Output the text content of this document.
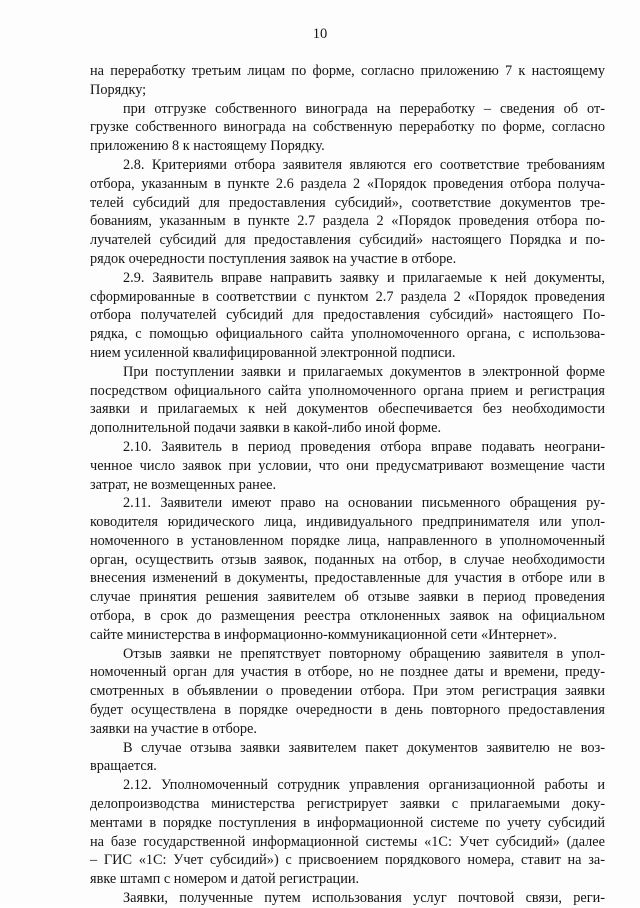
10
на переработку третьим лицам по форме, согласно приложению 7 к настоящему
Порядку;
при отгрузке собственного винограда на переработку – сведения об от-
грузке собственного винограда на собственную переработку по форме, согласно
приложению 8 к настоящему Порядку.
2.8. Критериями отбора заявителя являются его соответствие требованиям
отбора, указанным в пункте 2.6 раздела 2 «Порядок проведения отбора получа-
телей субсидий для предоставления субсидий», соответствие документов тре-
бованиям, указанным в пункте 2.7 раздела 2 «Порядок проведения отбора по-
лучателей субсидий для предоставления субсидий» настоящего Порядка и по-
рядок очередности поступления заявок на участие в отборе.
2.9. Заявитель вправе направить заявку и прилагаемые к ней документы,
сформированные в соответствии с пунктом 2.7 раздела 2 «Порядок проведения
отбора получателей субсидий для предоставления субсидий» настоящего По-
рядка, с помощью официального сайта уполномоченного органа, с использова-
нием усиленной квалифицированной электронной подписи.
При поступлении заявки и прилагаемых документов в электронной форме
посредством официального сайта уполномоченного органа прием и регистрация
заявки и прилагаемых к ней документов обеспечивается без необходимости
дополнительной подачи заявки в какой-либо иной форме.
2.10. Заявитель в период проведения отбора вправе подавать неограни-
ченное число заявок при условии, что они предусматривают возмещение части
затрат, не возмещенных ранее.
2.11. Заявители имеют право на основании письменного обращения ру-
ководителя юридического лица, индивидуального предпринимателя или упол-
номоченного в установленном порядке лица, направленного в уполномоченный
орган, осуществить отзыв заявок, поданных на отбор, в случае необходимости
внесения изменений в документы, предоставленные для участия в отборе или в
случае принятия решения заявителем об отзыве заявки в период проведения
отбора, в срок до размещения реестра отклоненных заявок на официальном
сайте министерства в информационно-коммуникационной сети «Интернет».
Отзыв заявки не препятствует повторному обращению заявителя в упол-
номоченный орган для участия в отборе, но не позднее даты и времени, преду-
смотренных в объявлении о проведении отбора. При этом регистрация заявки
будет осуществлена в порядке очередности в день повторного предоставления
заявки на участие в отборе.
В случае отзыва заявки заявителем пакет документов заявителю не воз-
вращается.
2.12. Уполномоченный сотрудник управления организационной работы и
делопроизводства министерства регистрирует заявки с прилагаемыми доку-
ментами в порядке поступления в информационной системе по учету субсидий
на базе государственной информационной системы «1С: Учет субсидий» (далее
– ГИС «1С: Учет субсидий») с присвоением порядкового номера, ставит на за-
явке штамп с номером и датой регистрации.
Заявки, полученные путем использования услуг почтовой связи, реги-
